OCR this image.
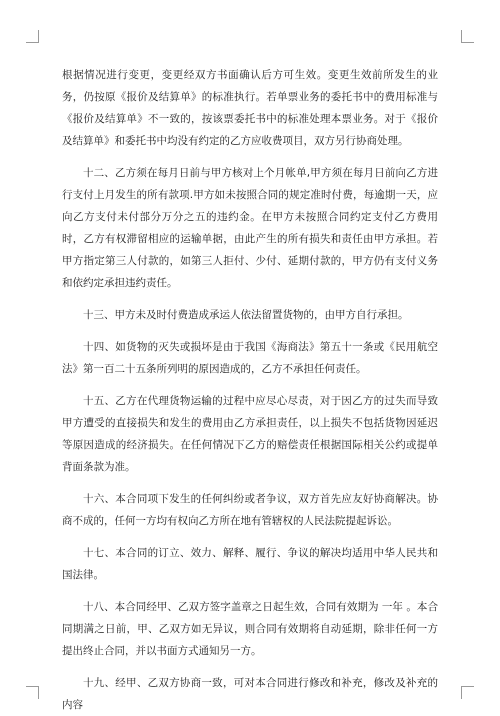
根据情况进行变更，变更经双方书面确认后方可生效。变更生效前所发生的业务，仍按原《报价及结算单》的标准执行。若单票业务的委托书中的费用标准与《报价及结算单》不一致的，按该票委托书中的标准处理本票业务。对于《报价及结算单》和委托书中均没有约定的乙方应收费项目，双方另行协商处理。

十二、乙方须在每月日前与甲方核对上个月帐单,甲方须在每月日前向乙方进行支付上月发生的所有款项.甲方如未按照合同的规定准时付费，每逾期一天，应向乙方支付未付部分万分之五的违约金。在甲方未按照合同约定支付乙方费用时，乙方有权滞留相应的运输单据，由此产生的所有损失和责任由甲方承担。若甲方指定第三人付款的，如第三人拒付、少付、延期付款的，甲方仍有支付义务和依约定承担违约责任。

十三、甲方未及时付费造成承运人依法留置货物的，由甲方自行承担。

十四、如货物的灭失或损坏是由于我国《海商法》第五十一条或《民用航空法》第一百二十五条所列明的原因造成的，乙方不承担任何责任。

十五、乙方在代理货物运输的过程中应尽心尽责，对于因乙方的过失而导致甲方遭受的直接损失和发生的费用由乙方承担责任，以上损失不包括货物因延迟等原因造成的经济损失。在任何情况下乙方的赔偿责任根据国际相关公约或提单背面条款为准。

十六、本合同项下发生的任何纠纷或者争议，双方首先应友好协商解决。协商不成的，任何一方均有权向乙方所在地有管辖权的人民法院提起诉讼。

十七、本合同的订立、效力、解释、履行、争议的解决均适用中华人民共和国法律。

十八、本合同经甲、乙双方签字盖章之日起生效，合同有效期为 一年 。本合同期满之日前，甲、乙双方如无异议，则合同有效期将自动延期，除非任何一方提出终止合同，并以书面方式通知另一方。

十九、经甲、乙双方协商一致，可对本合同进行修改和补充，修改及补充的内容
